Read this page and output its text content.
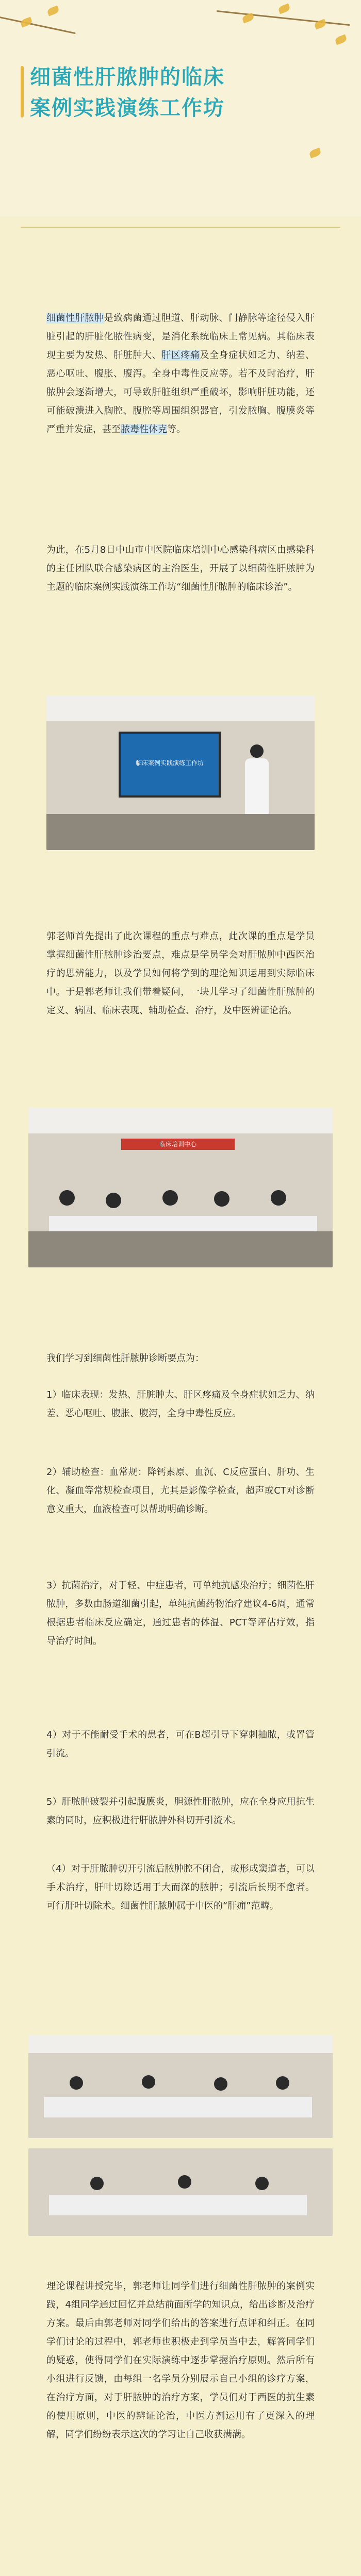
细菌性肝脓肿的临床
案例实践演练工作坊
细菌性肝脓肿是致病菌通过胆道、肝动脉、门静脉等途径侵入肝脏引起的肝脏化脓性病变，是消化系统临床上常见病。其临床表现主要为发热、肝脏肿大、肝区疼痛及全身症状如乏力、纳差、恶心呕吐、腹胀、腹泻。全身中毒性反应等。若不及时治疗，肝脓肿会逐渐增大，可导致肝脏组织严重破坏，影响肝脏功能，还可能破溃进入胸腔、腹腔等周围组织器官，引发脓胸、腹膜炎等严重并发症，甚至脓毒性休克等。
为此，在5月8日中山市中医院临床培训中心感染科病区由感染科的主任团队联合感染病区的主治医生，开展了以细菌性肝脓肿为主题的临床案例实践演练工作坊“细菌性肝脓肿的临床诊治”。
临床案例实践演练工作坊
郭老师首先提出了此次课程的重点与难点，此次课的重点是学员掌握细菌性肝脓肿诊治要点，难点是学员学会对肝脓肿中西医治疗的思辨能力，以及学员如何将学到的理论知识运用到实际临床中。于是郭老师让我们带着疑问，一块儿学习了细菌性肝脓肿的定义、病因、临床表现、辅助检查、治疗，及中医辨证论治。
临床培训中心
我们学习到细菌性肝脓肿诊断要点为：
1）临床表现：发热、肝脏肿大、肝区疼痛及全身症状如乏力、纳差、恶心呕吐、腹胀、腹泻，全身中毒性反应。
2）辅助检查：血常规：降钙素原、血沉、C反应蛋白、肝功、生化、凝血等常规检查项目，尤其是影像学检查，超声或CT对诊断意义重大，血液检查可以帮助明确诊断。
3）抗菌治疗，对于轻、中症患者，可单纯抗感染治疗；细菌性肝脓肿，多数由肠道细菌引起，单纯抗菌药物治疗建议4-6周，通常根据患者临床反应确定，通过患者的体温、PCT等评估疗效，指导治疗时间。
4）对于不能耐受手术的患者，可在B超引导下穿刺抽脓，或置管引流。
5）肝脓肿破裂并引起腹膜炎，胆源性肝脓肿，应在全身应用抗生素的同时，应积极进行肝脓肿外科切开引流术。
（4）对于肝脓肿切开引流后脓肿腔不闭合，或形成窦道者，可以手术治疗，肝叶切除适用于大而深的脓肿；引流后长期不愈者。可行肝叶切除术。细菌性肝脓肿属于中医的“肝痈”范畴。
理论课程讲授完毕，郭老师让同学们进行细菌性肝脓肿的案例实践，4组同学通过回忆并总结前面所学的知识点，给出诊断及治疗方案。最后由郭老师对同学们给出的答案进行点评和纠正。在同学们讨论的过程中，郭老师也积极走到学员当中去，解答同学们的疑惑，使得同学们在实际演练中逐步掌握治疗原则。然后所有小组进行反馈，由每组一名学员分别展示自己小组的诊疗方案，在治疗方面，对于肝脓肿的治疗方案，学员们对于西医的抗生素的使用原则，中医的辨证论治，中医方剂运用有了更深入的理解，同学们纷纷表示这次的学习让自己收获满满。
